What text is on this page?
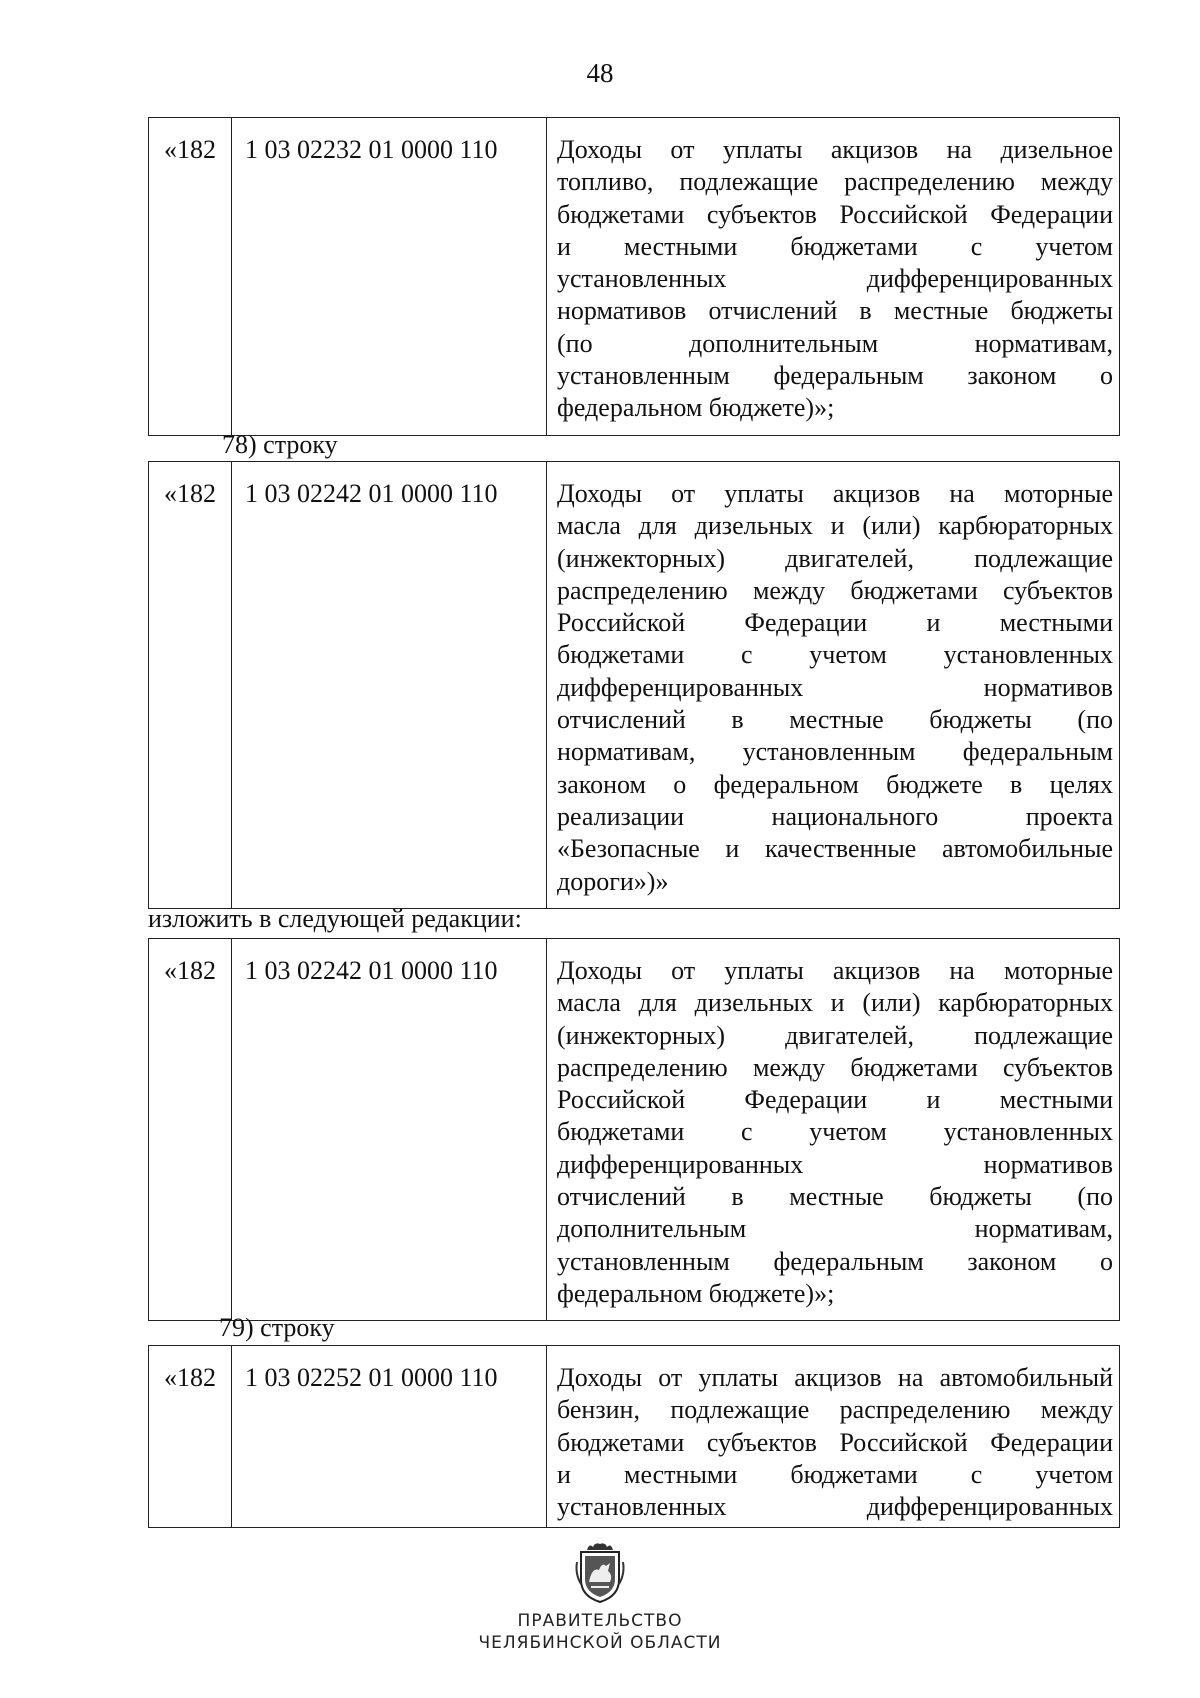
48
«182	1 03 02232 01 0000 110	Доходы от уплаты акцизов на дизельное
топливо, подлежащие распределению между
бюджетами субъектов Российской Федерации
и местными бюджетами с учетом
установленных дифференцированных
нормативов отчислений в местные бюджеты
(по дополнительным нормативам,
установленным федеральным законом о
федеральном бюджете)»;
78) строку
«182	1 03 02242 01 0000 110	Доходы от уплаты акцизов на моторные
масла для дизельных и (или) карбюраторных
(инжекторных) двигателей, подлежащие
распределению между бюджетами субъектов
Российской Федерации и местными
бюджетами с учетом установленных
дифференцированных нормативов
отчислений в местные бюджеты (по
нормативам, установленным федеральным
законом о федеральном бюджете в целях
реализации национального проекта
«Безопасные и качественные автомобильные
дороги»)»
изложить в следующей редакции:
«182	1 03 02242 01 0000 110	Доходы от уплаты акцизов на моторные
масла для дизельных и (или) карбюраторных
(инжекторных) двигателей, подлежащие
распределению между бюджетами субъектов
Российской Федерации и местными
бюджетами с учетом установленных
дифференцированных нормативов
отчислений в местные бюджеты (по
дополнительным нормативам,
установленным федеральным законом о
федеральном бюджете)»;
79) строку
«182	1 03 02252 01 0000 110	Доходы от уплаты акцизов на автомобильный
бензин, подлежащие распределению между
бюджетами субъектов Российской Федерации
и местными бюджетами с учетом
установленных дифференцированных
ПРАВИТЕЛЬСТВО
ЧЕЛЯБИНСКОЙ ОБЛАСТИ
